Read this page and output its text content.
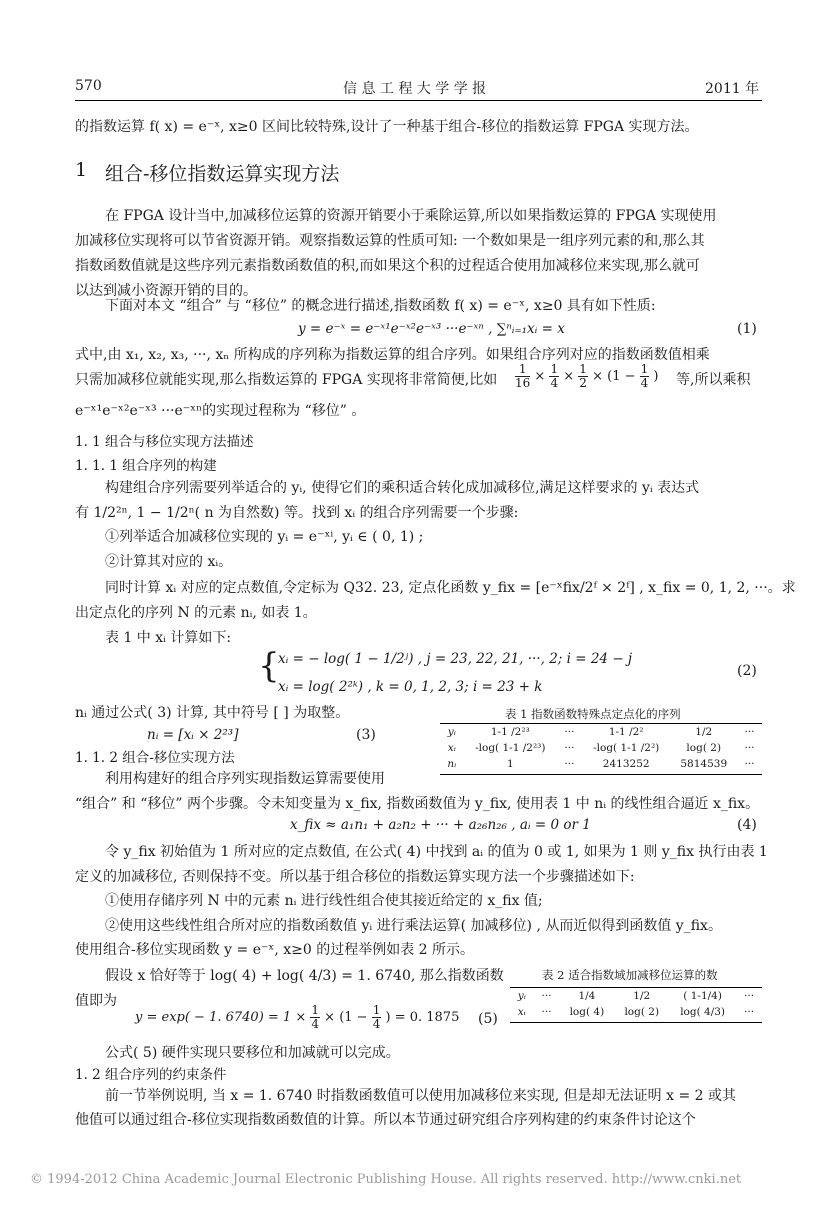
570	信 息 工 程 大 学 学 报	2011 年
的指数运算 f( x) = e⁻ˣ, x≥0 区间比较特殊,设计了一种基于组合-移位的指数运算 FPGA 实现方法。
1 组合-移位指数运算实现方法
在 FPGA 设计当中,加减移位运算的资源开销要小于乘除运算,所以如果指数运算的 FPGA 实现使用
加减移位实现将可以节省资源开销。观察指数运算的性质可知: 一个数如果是一组序列元素的和,那么其
指数函数值就是这些序列元素指数函数值的积,而如果这个积的过程适合使用加减移位来实现,那么就可
以达到减小资源开销的目的。
下面对本文 “组合” 与 “移位” 的概念进行描述,指数函数 f( x) = e⁻ˣ, x≥0 具有如下性质:
y = e⁻ˣ = e⁻ˣ¹e⁻ˣ²e⁻ˣ³ ···e⁻ˣⁿ , ∑ⁿᵢ₌₁xᵢ = x	(1)
式中,由 x₁, x₂, x₃, ···, xₙ 所构成的序列称为指数运算的组合序列。如果组合序列对应的指数函数值相乘
只需加减移位就能实现,那么指数运算的 FPGA 实现将非常简便,比如 $\frac{1}{16} \times \frac{1}{4} \times \frac{1}{2} \times (1 - \frac{1}{4}$ ) 等,所以乘积
e⁻ˣ¹e⁻ˣ²e⁻ˣ³ ···e⁻ˣⁿ的实现过程称为 “移位” 。
1. 1 组合与移位实现方法描述
1. 1. 1 组合序列的构建
构建组合序列需要列举适合的 yᵢ, 使得它们的乘积适合转化成加减移位,满足这样要求的 yᵢ 表达式
有 1/2²ⁿ, 1 − 1/2ⁿ( n 为自然数) 等。找到 xᵢ 的组合序列需要一个步骤:
①列举适合加减移位实现的 yᵢ = e⁻ˣⁱ, yᵢ ∈ ( 0, 1) ;
②计算其对应的 xᵢ。
同时计算 xᵢ 对应的定点数值,令定标为 Q32. 23, 定点化函数 y_fix = [e⁻ˣfix/2ᶠ × 2ᶠ] , x_fix = 0, 1, 2, ···。求
出定点化的序列 N 的元素 nᵢ, 如表 1。
表 1 中 xᵢ 计算如下:
{
xᵢ = − log( 1 − 1/2ʲ) , j = 23, 22, 21, ···, 2; i = 24 − j
xᵢ = log( 2²ᵏ) , k = 0, 1, 2, 3; i = 23 + k
(2)
nᵢ 通过公式( 3) 计算, 其中符号 [ ] 为取整。
nᵢ = [xᵢ × 2²³]	(3)
表 1 指数函数特殊点定点化的序列
yᵢ	1-1 /2²³	···	1-1 /2²	1/2	···
xᵢ	-log( 1-1 /2²³)	···	-log( 1-1 /2²)	log( 2)	···
nᵢ	1	···	2413252	5814539	···
1. 1. 2 组合-移位实现方法
利用构建好的组合序列实现指数运算需要使用
“组合” 和 “移位” 两个步骤。令未知变量为 x_fix, 指数函数值为 y_fix, 使用表 1 中 nᵢ 的线性组合逼近 x_fix。
x_fix ≈ a₁n₁ + a₂n₂ + ··· + a₂₆n₂₆ , aᵢ = 0 or 1	(4)
令 y_fix 初始值为 1 所对应的定点数值, 在公式( 4) 中找到 aᵢ 的值为 0 或 1, 如果为 1 则 y_fix 执行由表 1
定义的加减移位, 否则保持不变。所以基于组合移位的指数运算实现方法一个步骤描述如下:
①使用存储序列 N 中的元素 nᵢ 进行线性组合使其接近给定的 x_fix 值;
②使用这些线性组合所对应的指数函数值 yᵢ 进行乘法运算( 加减移位) , 从而近似得到函数值 y_fix。
使用组合-移位实现函数 y = e⁻ˣ, x≥0 的过程举例如表 2 所示。
假设 x 恰好等于 log( 4) + log( 4/3) = 1. 6740, 那么指数函数
值即为
表 2 适合指数域加减移位运算的数
yᵢ	···	1/4	1/2	( 1-1/4)	···
xᵢ	···	log( 4)	log( 2)	log( 4/3)	···
y = exp( − 1. $6740) = 1 \times \frac{1}{4} \times (1 - \frac{1}{4}$ ) = 0. 1875 (5)
公式( 5) 硬件实现只要移位和加减就可以完成。
1. 2 组合序列的约束条件
前一节举例说明, 当 x = 1. 6740 时指数函数值可以使用加减移位来实现, 但是却无法证明 x = 2 或其
他值可以通过组合-移位实现指数函数值的计算。所以本节通过研究组合序列构建的约束条件讨论这个
© 1994-2012 China Academic Journal Electronic Publishing House. All rights reserved. http://www.cnki.net
